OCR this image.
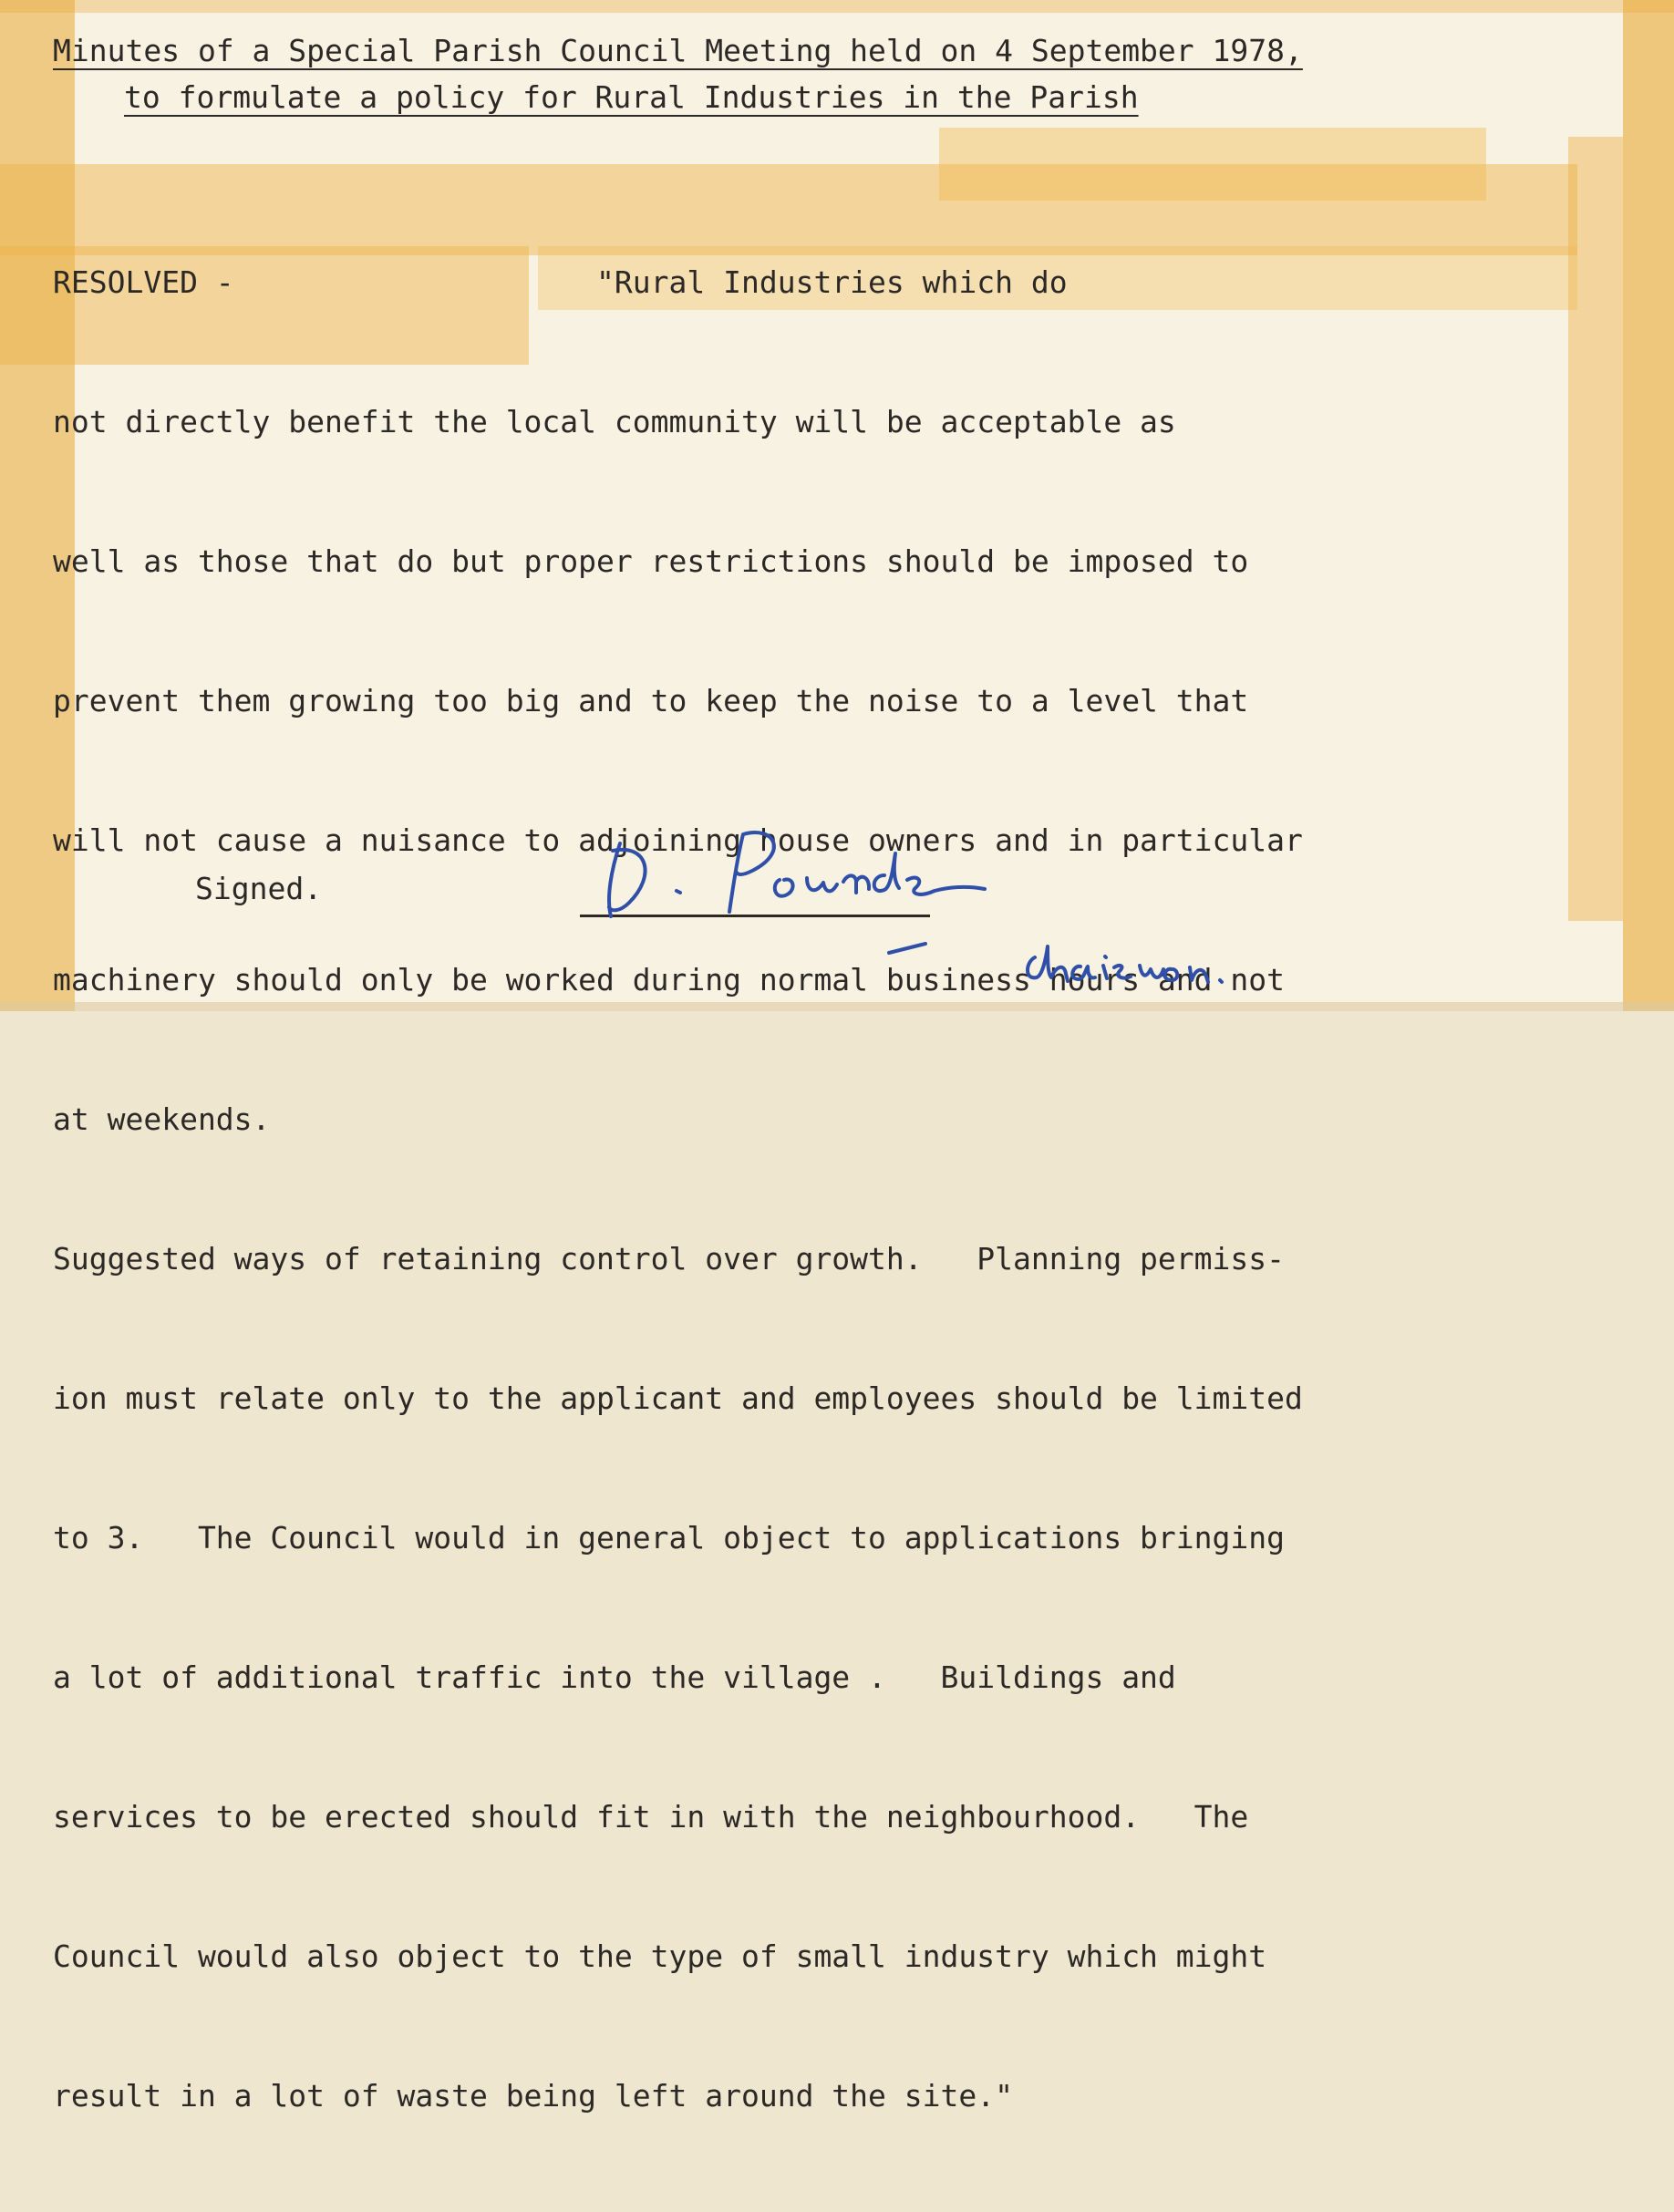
Minutes of a Special Parish Council Meeting held on 4 September 1978,

to formulate a policy for Rural Industries in the Parish

RESOLVED -                    "Rural Industries which do

not directly benefit the local community will be acceptable as

well as those that do but proper restrictions should be imposed to

prevent them growing too big and to keep the noise to a level that

will not cause a nuisance to adjoining house owners and in particular

machinery should only be worked during normal business hours and not

at weekends.

Suggested ways of retaining control over growth.   Planning permiss-

ion must relate only to the applicant and employees should be limited

to 3.   The Council would in general object to applications bringing

a lot of additional traffic into the village .   Buildings and

services to be erected should fit in with the neighbourhood.   The

Council would also object to the type of small industry which might

result in a lot of waste being left around the site."

Signed.
